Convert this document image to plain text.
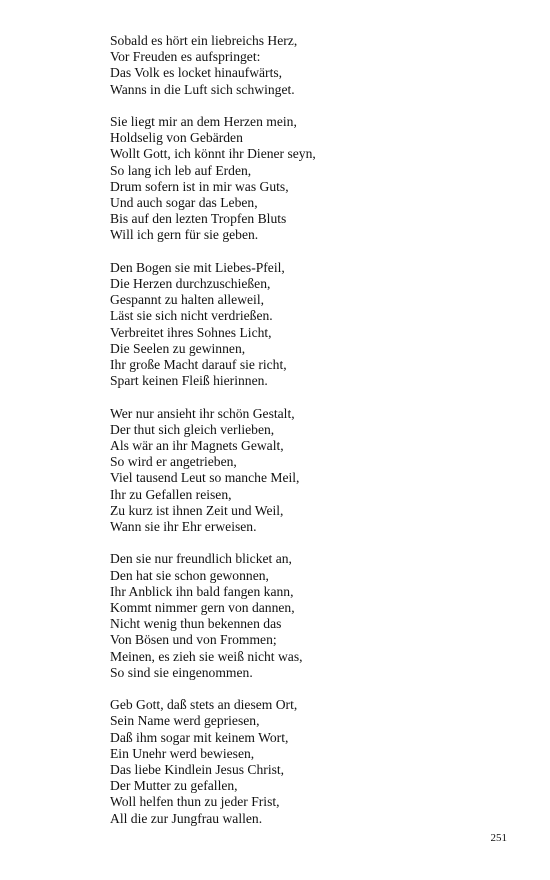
Sobald es hört ein liebreichs Herz,
Vor Freuden es aufspringet:
Das Volk es locket hinaufwärts,
Wanns in die Luft sich schwinget.
Sie liegt mir an dem Herzen mein,
Holdselig von Gebärden
Wollt Gott, ich könnt ihr Diener seyn,
So lang ich leb auf Erden,
Drum sofern ist in mir was Guts,
Und auch sogar das Leben,
Bis auf den lezten Tropfen Bluts
Will ich gern für sie geben.
Den Bogen sie mit Liebes-Pfeil,
Die Herzen durchzuschießen,
Gespannt zu halten alleweil,
Läst sie sich nicht verdrießen.
Verbreitet ihres Sohnes Licht,
Die Seelen zu gewinnen,
Ihr große Macht darauf sie richt,
Spart keinen Fleiß hierinnen.
Wer nur ansieht ihr schön Gestalt,
Der thut sich gleich verlieben,
Als wär an ihr Magnets Gewalt,
So wird er angetrieben,
Viel tausend Leut so manche Meil,
Ihr zu Gefallen reisen,
Zu kurz ist ihnen Zeit und Weil,
Wann sie ihr Ehr erweisen.
Den sie nur freundlich blicket an,
Den hat sie schon gewonnen,
Ihr Anblick ihn bald fangen kann,
Kommt nimmer gern von dannen,
Nicht wenig thun bekennen das
Von Bösen und von Frommen;
Meinen, es zieh sie weiß nicht was,
So sind sie eingenommen.
Geb Gott, daß stets an diesem Ort,
Sein Name werd gepriesen,
Daß ihm sogar mit keinem Wort,
Ein Unehr werd bewiesen,
Das liebe Kindlein Jesus Christ,
Der Mutter zu gefallen,
Woll helfen thun zu jeder Frist,
All die zur Jungfrau wallen.
251
